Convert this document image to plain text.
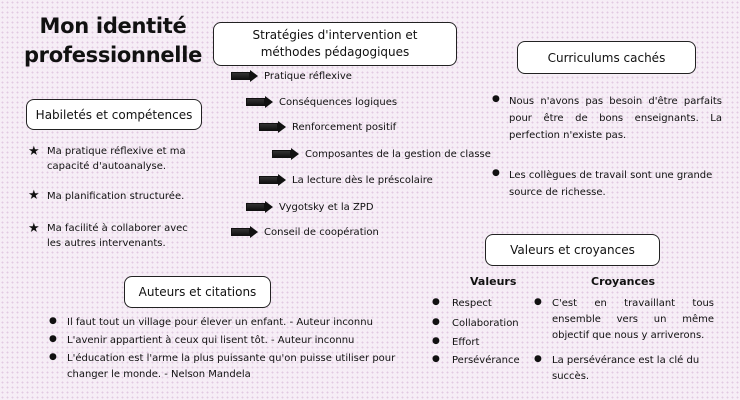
Mon identité professionnelle
Stratégies d'intervention et
méthodes pédagogiques
Pratique réflexive
Conséquences logiques
Renforcement positif
Composantes de la gestion de classe
La lecture dès le préscolaire
Vygotsky et la ZPD
Conseil de coopération
Habiletés et compétences
★ Ma pratique réflexive et ma capacité d'autoanalyse.
★ Ma planification structurée.
★ Ma facilité à collaborer avec les autres intervenants.
Curriculums cachés
● Nous n'avons pas besoin d'être parfaits pour être de bons enseignants. La perfection n'existe pas.
● Les collègues de travail sont une grande source de richesse.
Valeurs et croyances
Valeurs	Croyances
● Respect
● Collaboration
● Effort
● Persévérance
● C'est en travaillant tous ensemble vers un même objectif que nous y arriverons.
● La persévérance est la clé du succès.
Auteurs et citations
● Il faut tout un village pour élever un enfant. - Auteur inconnu
● L'avenir appartient à ceux qui lisent tôt. - Auteur inconnu
● L'éducation est l'arme la plus puissante qu'on puisse utiliser pour changer le monde. - Nelson Mandela
